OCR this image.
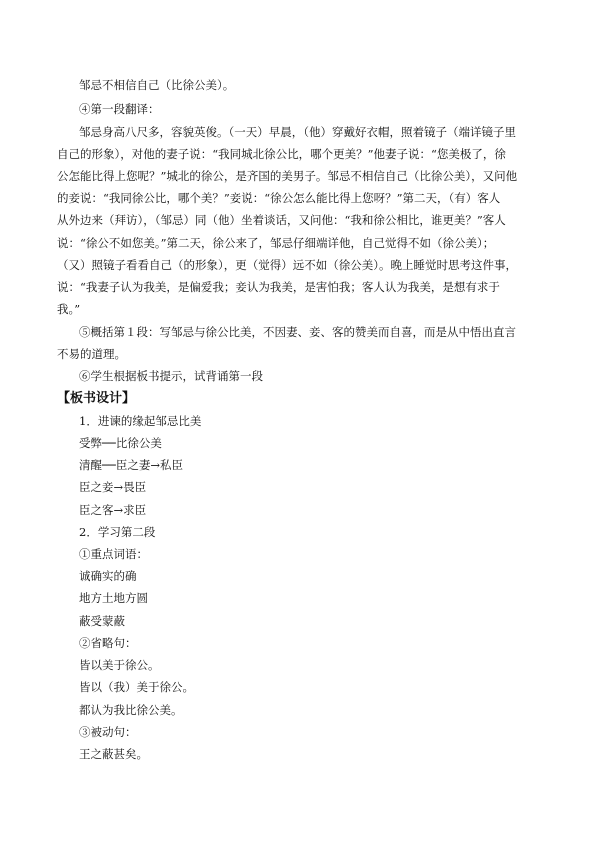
邹忌不相信自己（比徐公美）。
④第一段翻译：
邹忌身高八尺多，容貌英俊。（一天）早晨，（他）穿戴好衣帽，照着镜子（端详镜子里
自己的形象），对他的妻子说：“我同城北徐公比，哪个更美？”他妻子说：“您美极了，徐
公怎能比得上您呢？”城北的徐公，是齐国的美男子。邹忌不相信自己（比徐公美），又问他
的妾说：“我同徐公比，哪个美？”妾说：“徐公怎么能比得上您呀？”第二天，（有）客人
从外边来（拜访），（邹忌）同（他）坐着谈话，又问他：“我和徐公相比，谁更美？”客人
说：“徐公不如您美。”第二天，徐公来了，邹忌仔细端详他，自己觉得不如（徐公美）；
（又）照镜子看看自己（的形象），更（觉得）远不如（徐公美）。晚上睡觉时思考这件事，
说：“我妻子认为我美，是偏爱我；妾认为我美，是害怕我；客人认为我美，是想有求于
我。”
⑤概括第１段：写邹忌与徐公比美，不因妻、妾、客的赞美而自喜，而是从中悟出直言
不易的道理。
⑥学生根据板书提示，试背诵第一段
【板书设计】
1．进谏的缘起邹忌比美
受弊──比徐公美
清醒──臣之妻→私臣
臣之妾→畏臣
臣之客→求臣
2．学习第二段
①重点词语：
诚确实的确
地方土地方圆
蔽受蒙蔽
②省略句：
皆以美于徐公。
皆以（我）美于徐公。
都认为我比徐公美。
③被动句：
王之蔽甚矣。
